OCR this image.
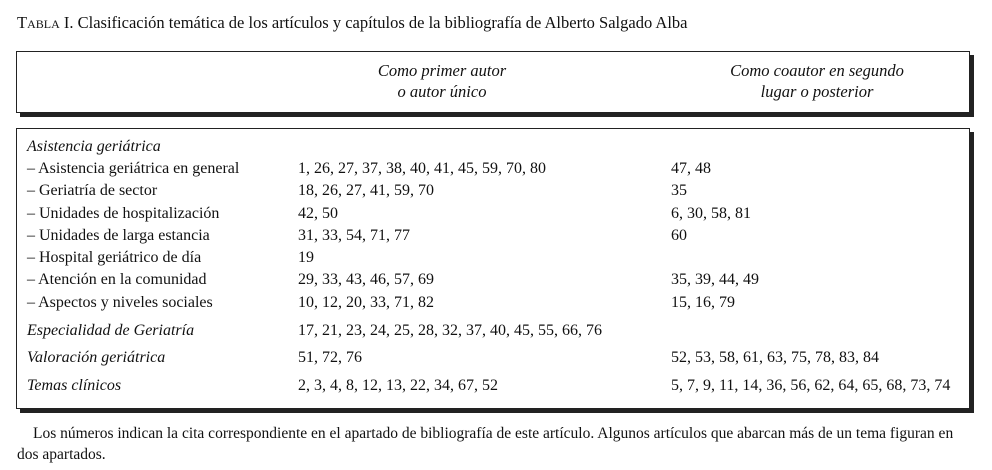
Tabla I. Clasificación temática de los artículos y capítulos de la bibliografía de Alberto Salgado Alba
Como primer autor
o autor único
Como coautor en segundo
lugar o posterior
Asistencia geriátrica
– Asistencia geriátrica en general	1, 26, 27, 37, 38, 40, 41, 45, 59, 70, 80	47, 48
– Geriatría de sector	18, 26, 27, 41, 59, 70	35
– Unidades de hospitalización	42, 50	6, 30, 58, 81
– Unidades de larga estancia	31, 33, 54, 71, 77	60
– Hospital geriátrico de día	19
– Atención en la comunidad	29, 33, 43, 46, 57, 69	35, 39, 44, 49
– Aspectos y niveles sociales	10, 12, 20, 33, 71, 82	15, 16, 79
Especialidad de Geriatría	17, 21, 23, 24, 25, 28, 32, 37, 40, 45, 55, 66, 76
Valoración geriátrica	51, 72, 76	52, 53, 58, 61, 63, 75, 78, 83, 84
Temas clínicos	2, 3, 4, 8, 12, 13, 22, 34, 67, 52	5, 7, 9, 11, 14, 36, 56, 62, 64, 65, 68, 73, 74
Los números indican la cita correspondiente en el apartado de bibliografía de este artículo. Algunos artículos que abarcan más de un tema figuran en dos apartados.
